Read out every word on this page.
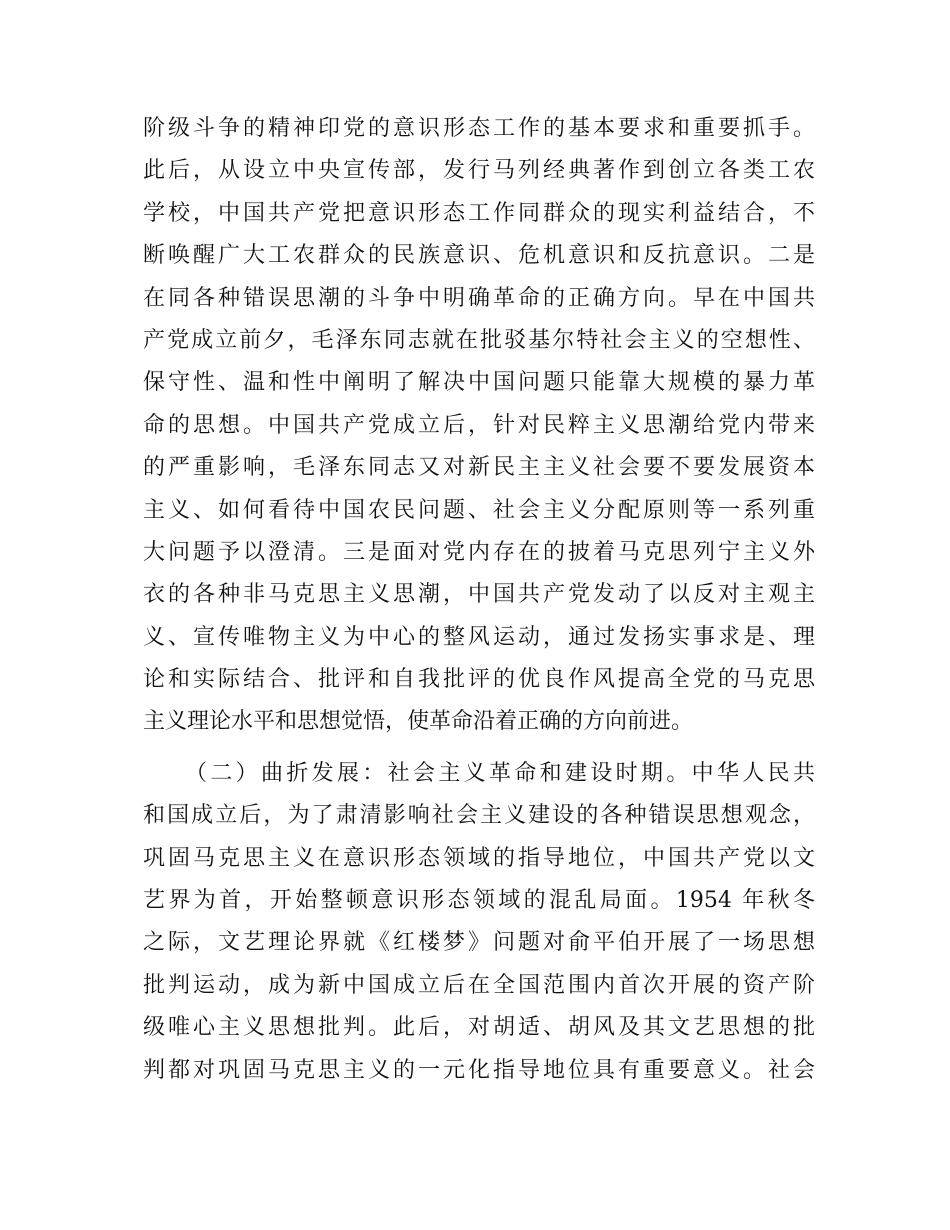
阶级斗争的精神印党的意识形态工作的基本要求和重要抓手。
此后，从设立中央宣传部，发行马列经典著作到创立各类工农
学校，中国共产党把意识形态工作同群众的现实利益结合，不
断唤醒广大工农群众的民族意识、危机意识和反抗意识。二是
在同各种错误思潮的斗争中明确革命的正确方向。早在中国共
产党成立前夕，毛泽东同志就在批驳基尔特社会主义的空想性、
保守性、温和性中阐明了解决中国问题只能靠大规模的暴力革
命的思想。中国共产党成立后，针对民粹主义思潮给党内带来
的严重影响，毛泽东同志又对新民主主义社会要不要发展资本
主义、如何看待中国农民问题、社会主义分配原则等一系列重
大问题予以澄清。三是面对党内存在的披着马克思列宁主义外
衣的各种非马克思主义思潮，中国共产党发动了以反对主观主
义、宣传唯物主义为中心的整风运动，通过发扬实事求是、理
论和实际结合、批评和自我批评的优良作风提高全党的马克思
主义理论水平和思想觉悟，使革命沿着正确的方向前进。
（二）曲折发展：社会主义革命和建设时期。中华人民共
和国成立后，为了肃清影响社会主义建设的各种错误思想观念，
巩固马克思主义在意识形态领域的指导地位，中国共产党以文
艺界为首，开始整顿意识形态领域的混乱局面。1954 年秋冬
之际，文艺理论界就《红楼梦》问题对俞平伯开展了一场思想
批判运动，成为新中国成立后在全国范围内首次开展的资产阶
级唯心主义思想批判。此后，对胡适、胡风及其文艺思想的批
判都对巩固马克思主义的一元化指导地位具有重要意义。社会
